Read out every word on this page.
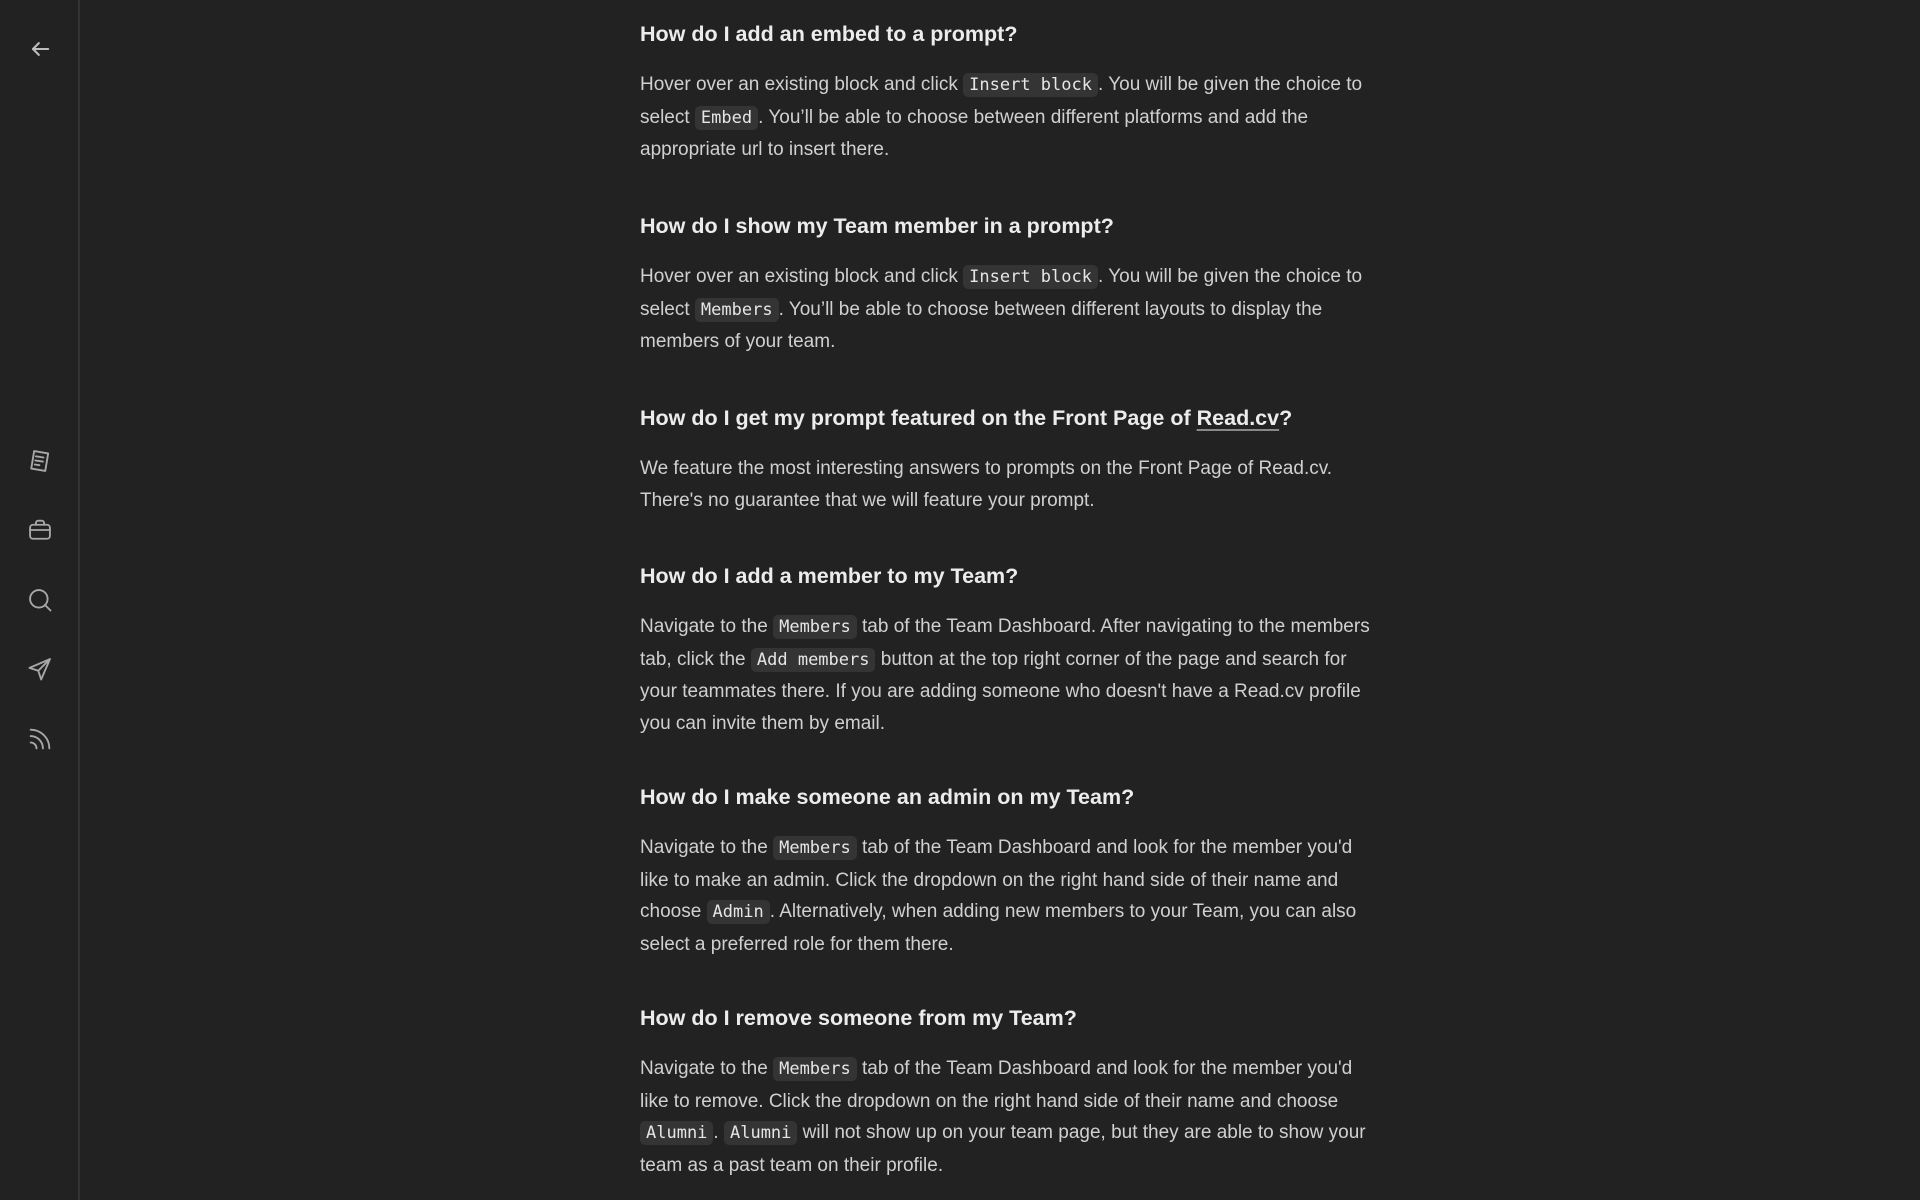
How do I add an embed to a prompt?

Hover over an existing block and click Insert block . You will be given the choice to select Embed . You’ll be able to choose between different platforms and add the appropriate url to insert there.

How do I show my Team member in a prompt?

Hover over an existing block and click Insert block . You will be given the choice to select Members . You’ll be able to choose between different layouts to display the members of your team.

How do I get my prompt featured on the Front Page of Read.cv?

We feature the most interesting answers to prompts on the Front Page of Read.cv. There's no guarantee that we will feature your prompt.

How do I add a member to my Team?

Navigate to the Members tab of the Team Dashboard. After navigating to the members tab, click the Add members button at the top right corner of the page and search for your teammates there. If you are adding someone who doesn't have a Read.cv profile you can invite them by email.

How do I make someone an admin on my Team?

Navigate to the Members tab of the Team Dashboard and look for the member you'd like to make an admin. Click the dropdown on the right hand side of their name and choose Admin . Alternatively, when adding new members to your Team, you can also select a preferred role for them there.

How do I remove someone from my Team?

Navigate to the Members tab of the Team Dashboard and look for the member you'd like to remove. Click the dropdown on the right hand side of their name and choose Alumni . Alumni will not show up on your team page, but they are able to show your team as a past team on their profile.
